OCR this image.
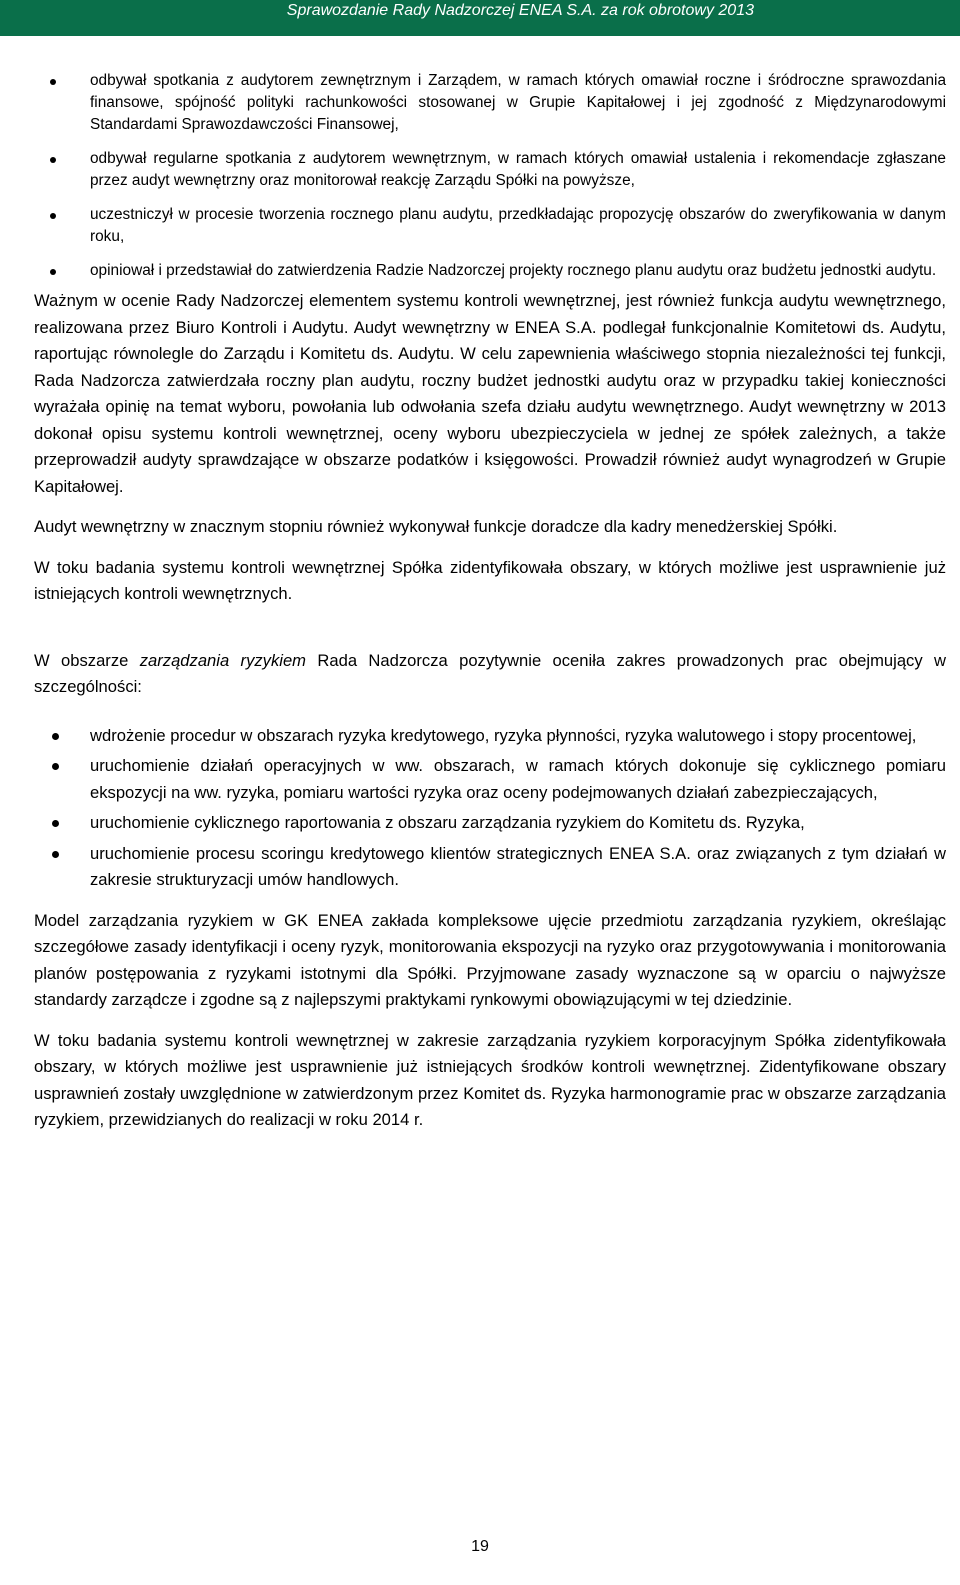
Sprawozdanie Rady Nadzorczej ENEA S.A. za rok obrotowy 2013
odbywał spotkania z audytorem zewnętrznym i Zarządem, w ramach których omawiał roczne i śródroczne sprawozdania finansowe, spójność polityki rachunkowości stosowanej w Grupie Kapitałowej i jej zgodność z Międzynarodowymi Standardami Sprawozdawczości Finansowej,
odbywał regularne spotkania z audytorem wewnętrznym, w ramach których omawiał ustalenia i rekomendacje zgłaszane przez audyt wewnętrzny oraz monitorował reakcję Zarządu Spółki na powyższe,
uczestniczył w procesie tworzenia rocznego planu audytu, przedkładając propozycję obszarów do zweryfikowania w danym roku,
opiniował i przedstawiał do zatwierdzenia Radzie Nadzorczej projekty rocznego planu audytu oraz budżetu jednostki audytu.

Ważnym w ocenie Rady Nadzorczej elementem systemu kontroli wewnętrznej, jest również funkcja audytu wewnętrznego, realizowana przez Biuro Kontroli i Audytu. Audyt wewnętrzny w ENEA S.A. podlegał funkcjonalnie Komitetowi ds. Audytu, raportując równolegle do Zarządu i Komitetu ds. Audytu. W celu zapewnienia właściwego stopnia niezależności tej funkcji, Rada Nadzorcza zatwierdzała roczny plan audytu, roczny budżet jednostki audytu oraz w przypadku takiej konieczności wyrażała opinię na temat wyboru, powołania lub odwołania szefa działu audytu wewnętrznego. Audyt wewnętrzny w 2013 dokonał opisu systemu kontroli wewnętrznej, oceny wyboru ubezpieczyciela w jednej ze spółek zależnych, a także przeprowadził audyty sprawdzające w obszarze podatków i księgowości. Prowadził również audyt wynagrodzeń w Grupie Kapitałowej.

Audyt wewnętrzny w znacznym stopniu również wykonywał funkcje doradcze dla kadry menedżerskiej Spółki.

W toku badania systemu kontroli wewnętrznej Spółka zidentyfikowała obszary, w których możliwe jest usprawnienie już istniejących kontroli wewnętrznych.

W obszarze zarządzania ryzykiem Rada Nadzorcza pozytywnie oceniła zakres prowadzonych prac obejmujący w szczególności:

wdrożenie procedur w obszarach ryzyka kredytowego, ryzyka płynności, ryzyka walutowego i stopy procentowej,
uruchomienie działań operacyjnych w ww. obszarach, w ramach których dokonuje się cyklicznego pomiaru ekspozycji na ww. ryzyka, pomiaru wartości ryzyka oraz oceny podejmowanych działań zabezpieczających,
uruchomienie cyklicznego raportowania z obszaru zarządzania ryzykiem do Komitetu ds. Ryzyka,
uruchomienie procesu scoringu kredytowego klientów strategicznych ENEA S.A. oraz związanych z tym działań w zakresie strukturyzacji umów handlowych.

Model zarządzania ryzykiem w GK ENEA zakłada kompleksowe ujęcie przedmiotu zarządzania ryzykiem, określając szczegółowe zasady identyfikacji i oceny ryzyk, monitorowania ekspozycji na ryzyko oraz przygotowywania i monitorowania planów postępowania z ryzykami istotnymi dla Spółki. Przyjmowane zasady wyznaczone są w oparciu o najwyższe standardy zarządcze i zgodne są z najlepszymi praktykami rynkowymi obowiązującymi w tej dziedzinie.

W toku badania systemu kontroli wewnętrznej w zakresie zarządzania ryzykiem korporacyjnym Spółka zidentyfikowała obszary, w których możliwe jest usprawnienie już istniejących środków kontroli wewnętrznej. Zidentyfikowane obszary usprawnień zostały uwzględnione w zatwierdzonym przez Komitet ds. Ryzyka harmonogramie prac w obszarze zarządzania ryzykiem, przewidzianych do realizacji w roku 2014 r.

19
